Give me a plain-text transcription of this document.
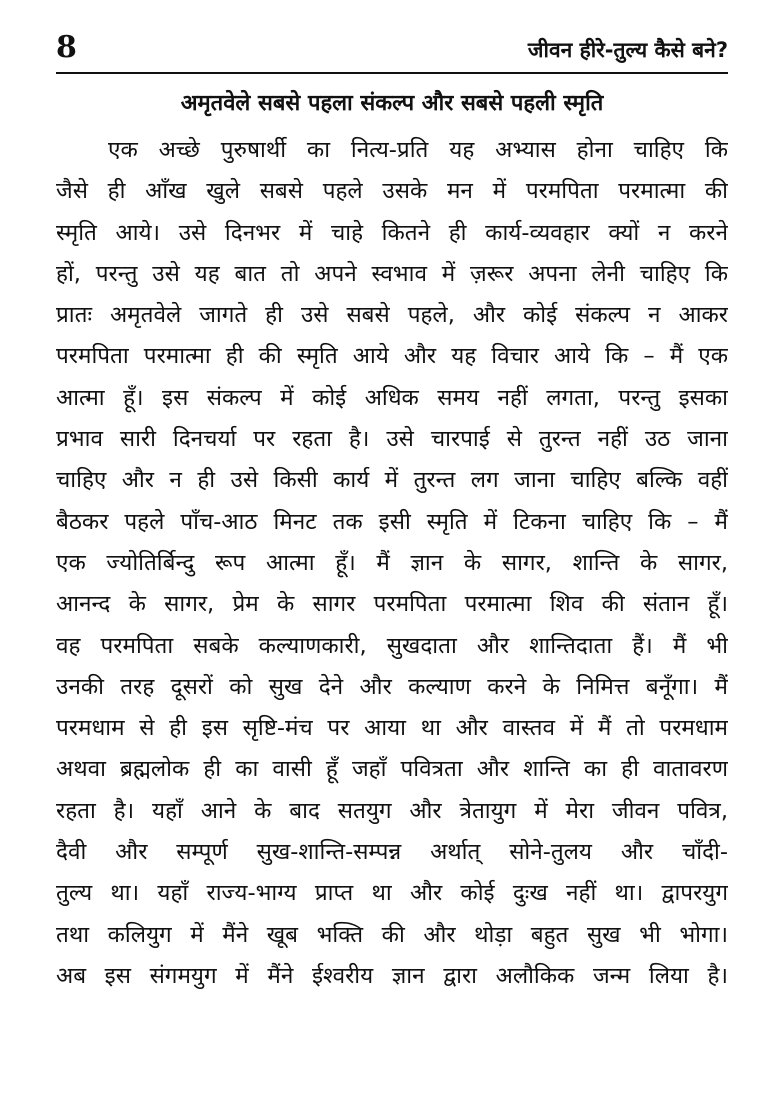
8	जीवन हीरे-तुल्य कैसे बने?
अमृतवेले सबसे पहला संकल्प और सबसे पहली स्मृति
एक अच्छे पुरुषार्थी का नित्य-प्रति यह अभ्यास होना चाहिए कि
जैसे ही आँख खुले सबसे पहले उसके मन में परमपिता परमात्मा की
स्मृति आये। उसे दिनभर में चाहे कितने ही कार्य-व्यवहार क्यों न करने
हों, परन्तु उसे यह बात तो अपने स्वभाव में ज़रूर अपना लेनी चाहिए कि
प्रातः अमृतवेले जागते ही उसे सबसे पहले, और कोई संकल्प न आकर
परमपिता परमात्मा ही की स्मृति आये और यह विचार आये कि – मैं एक
आत्मा हूँ। इस संकल्प में कोई अधिक समय नहीं लगता, परन्तु इसका
प्रभाव सारी दिनचर्या पर रहता है। उसे चारपाई से तुरन्त नहीं उठ जाना
चाहिए और न ही उसे किसी कार्य में तुरन्त लग जाना चाहिए बल्कि वहीं
बैठकर पहले पाँच-आठ मिनट तक इसी स्मृति में टिकना चाहिए कि – मैं
एक ज्योतिर्बिन्दु रूप आत्मा हूँ। मैं ज्ञान के सागर, शान्ति के सागर,
आनन्द के सागर, प्रेम के सागर परमपिता परमात्मा शिव की संतान हूँ।
वह परमपिता सबके कल्याणकारी, सुखदाता और शान्तिदाता हैं। मैं भी
उनकी तरह दूसरों को सुख देने और कल्याण करने के निमित्त बनूँगा। मैं
परमधाम से ही इस सृष्टि-मंच पर आया था और वास्तव में मैं तो परमधाम
अथवा ब्रह्मलोक ही का वासी हूँ जहाँ पवित्रता और शान्ति का ही वातावरण
रहता है। यहाँ आने के बाद सतयुग और त्रेतायुग में मेरा जीवन पवित्र,
दैवी और सम्पूर्ण सुख-शान्ति-सम्पन्न अर्थात् सोने-तुलय और चाँदी-
तुल्य था। यहाँ राज्य-भाग्य प्राप्त था और कोई दुःख नहीं था। द्वापरयुग
तथा कलियुग में मैंने खूब भक्ति की और थोड़ा बहुत सुख भी भोगा।
अब इस संगमयुग में मैंने ईश्वरीय ज्ञान द्वारा अलौकिक जन्म लिया है।
